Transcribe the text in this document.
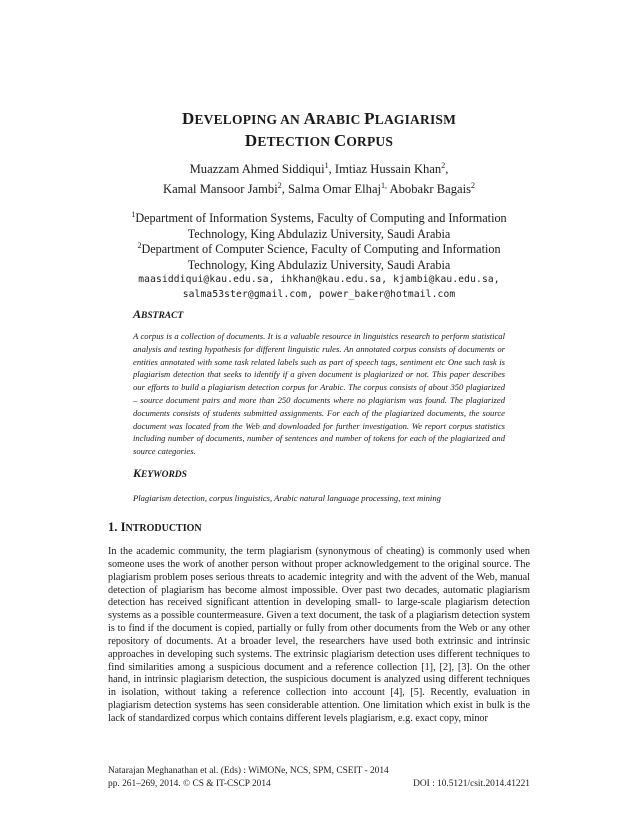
DEVELOPING AN ARABIC PLAGIARISM
DETECTION CORPUS
Muazzam Ahmed Siddiqui$^1$, Imtiaz Hussain Khan$^2$,
Kamal Mansoor Jambi$^2$, Salma Omar Elhaj$^{1,}$ Abobakr Bagais$^2$
$^1$Department of Information Systems, Faculty of Computing and Information
Technology, King Abdulaziz University, Saudi Arabia
$^2$Department of Computer Science, Faculty of Computing and Information
Technology, King Abdulaziz University, Saudi Arabia
maasiddiqui@kau.edu.sa, ihkhan@kau.edu.sa, kjambi@kau.edu.sa,
salma53ster@gmail.com, power_baker@hotmail.com
ABSTRACT
A corpus is a collection of documents. It is a valuable resource in linguistics research to perform statistical analysis and testing hypothesis for different linguistic rules. An annotated corpus consists of documents or entities annotated with some task related labels such as part of speech tags, sentiment etc One such task is plagiarism detection that seeks to identify if a given document is plagiarized or not. This paper describes our efforts to build a plagiarism detection corpus for Arabic. The corpus consists of about 350 plagiarized – source document pairs and more than 250 documents where no plagiarism was found. The plagiarized documents consists of students submitted assignments. For each of the plagiarized documents, the source document was located from the Web and downloaded for further investigation. We report corpus statistics including number of documents, number of sentences and number of tokens for each of the plagiarized and source categories.
KEYWORDS
Plagiarism detection, corpus linguistics, Arabic natural language processing, text mining
1. INTRODUCTION
In the academic community, the term plagiarism (synonymous of cheating) is commonly used when someone uses the work of another person without proper acknowledgement to the original source. The plagiarism problem poses serious threats to academic integrity and with the advent of the Web, manual detection of plagiarism has become almost impossible. Over past two decades, automatic plagiarism detection has received significant attention in developing small- to large-scale plagiarism detection systems as a possible countermeasure. Given a text document, the task of a plagiarism detection system is to find if the document is copied, partially or fully from other documents from the Web or any other repository of documents. At a broader level, the researchers have used both extrinsic and intrinsic approaches in developing such systems. The extrinsic plagiarism detection uses different techniques to find similarities among a suspicious document and a reference collection [1], [2], [3]. On the other hand, in intrinsic plagiarism detection, the suspicious document is analyzed using different techniques in isolation, without taking a reference collection into account [4], [5]. Recently, evaluation in plagiarism detection systems has seen considerable attention. One limitation which exist in bulk is the lack of standardized corpus which contains different levels plagiarism, e.g. exact copy, minor
Natarajan Meghanathan et al. (Eds) : WiMONe, NCS, SPM, CSEIT - 2014
pp. 261–269, 2014. © CS & IT-CSCP 2014	DOI : 10.5121/csit.2014.41221
